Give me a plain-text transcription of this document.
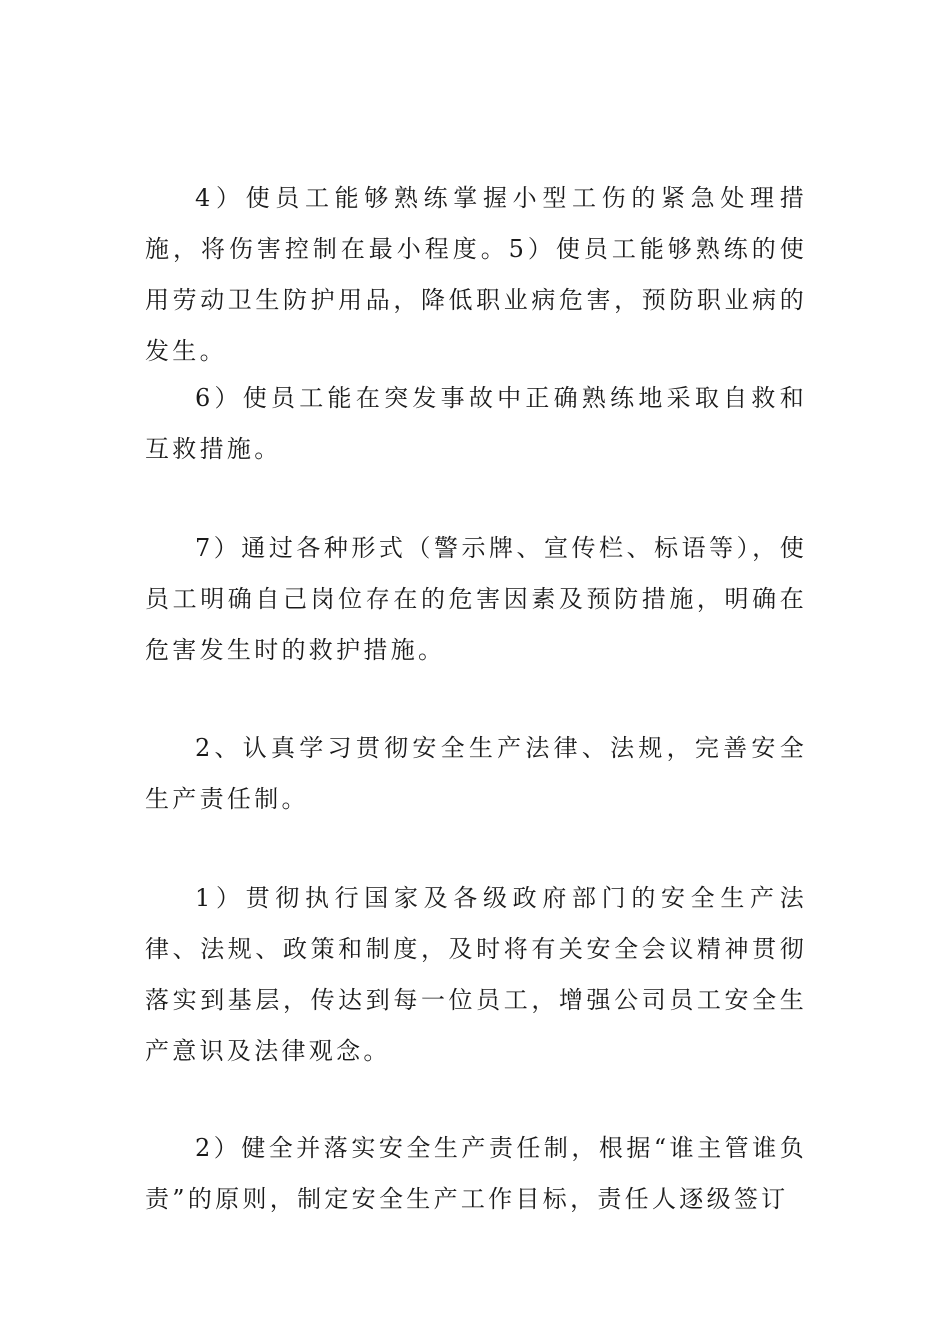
4）使员工能够熟练掌握小型工伤的紧急处理措施，将伤害控制在最小程度。5）使员工能够熟练的使用劳动卫生防护用品，降低职业病危害，预防职业病的发生。

6）使员工能在突发事故中正确熟练地采取自救和互救措施。

7）通过各种形式（警示牌、宣传栏、标语等），使员工明确自己岗位存在的危害因素及预防措施，明确在危害发生时的救护措施。

2、认真学习贯彻安全生产法律、法规，完善安全生产责任制。

1）贯彻执行国家及各级政府部门的安全生产法律、法规、政策和制度，及时将有关安全会议精神贯彻落实到基层，传达到每一位员工，增强公司员工安全生产意识及法律观念。

2）健全并落实安全生产责任制，根据“谁主管谁负责”的原则，制定安全生产工作目标，责任人逐级签订
